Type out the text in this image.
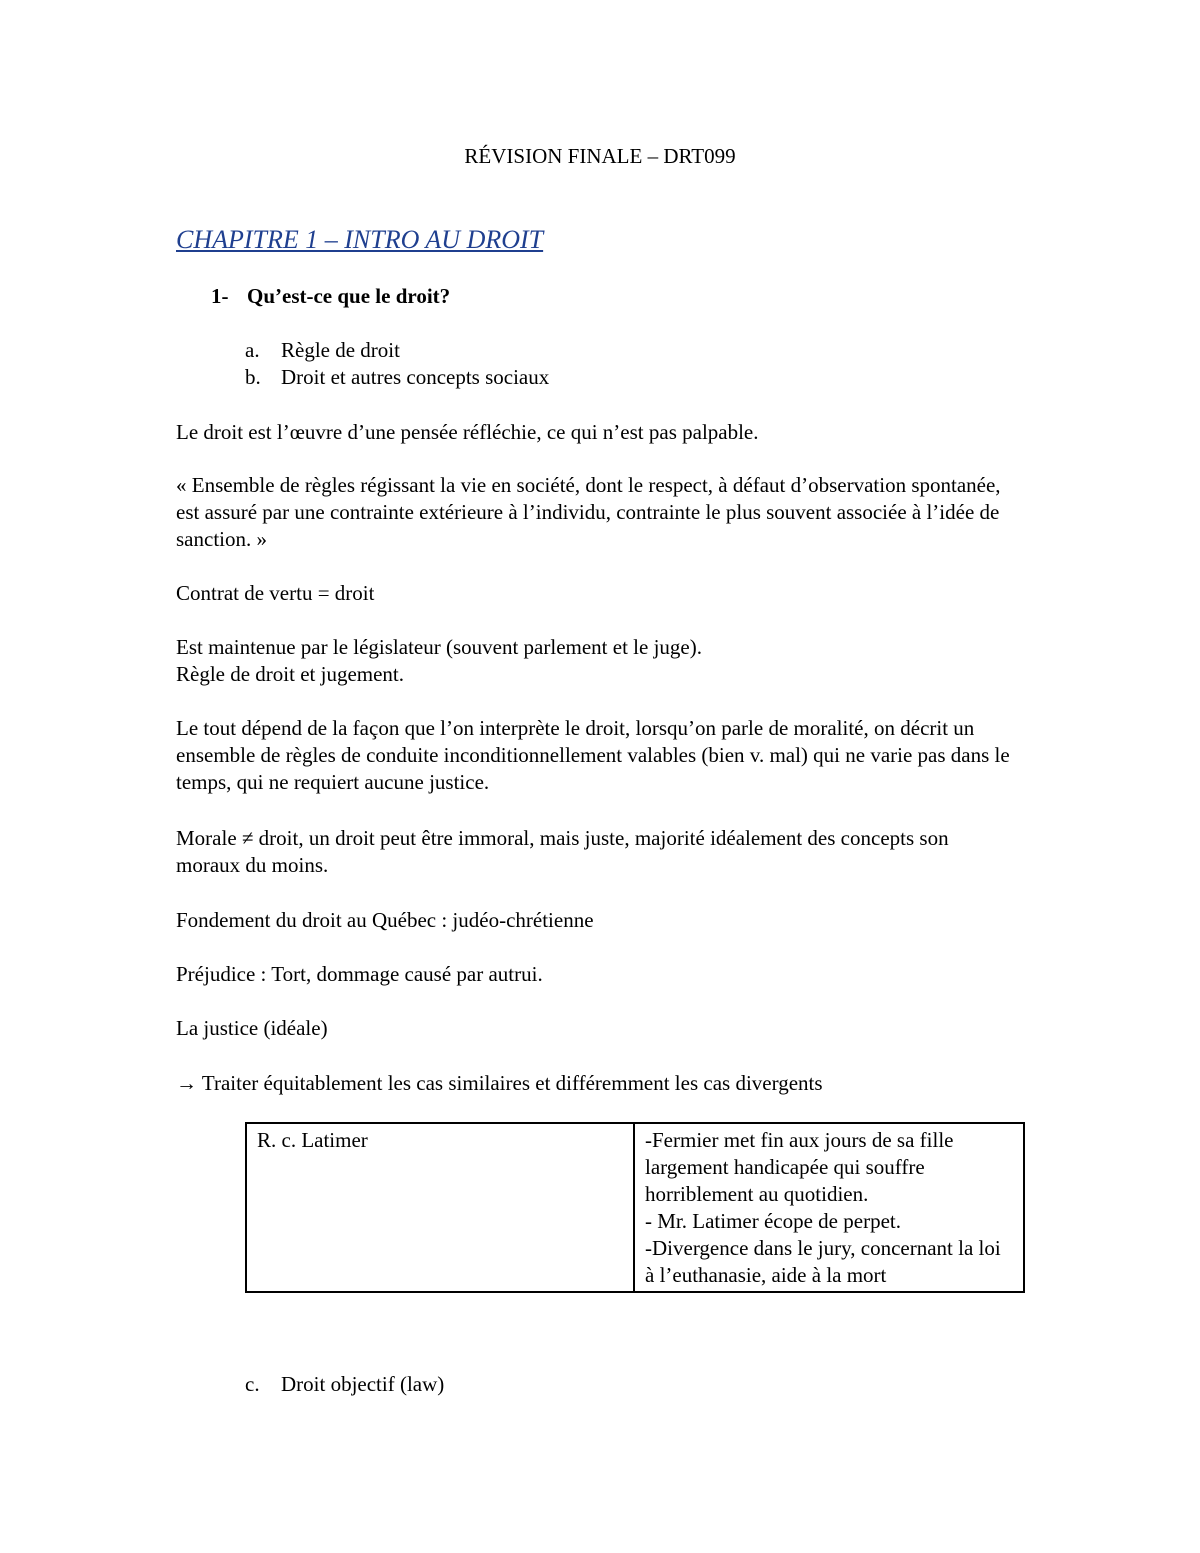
RÉVISION FINALE – DRT099
CHAPITRE 1 – INTRO AU DROIT
1- Qu’est-ce que le droit?
a. Règle de droit
b. Droit et autres concepts sociaux
Le droit est l’œuvre d’une pensée réfléchie, ce qui n’est pas palpable.
« Ensemble de règles régissant la vie en société, dont le respect, à défaut d’observation spontanée, est assuré par une contrainte extérieure à l’individu, contrainte le plus souvent associée à l’idée de sanction. »
Contrat de vertu = droit
Est maintenue par le législateur (souvent parlement et le juge).
Règle de droit et jugement.
Le tout dépend de la façon que l’on interprète le droit, lorsqu’on parle de moralité, on décrit un ensemble de règles de conduite inconditionnellement valables (bien v. mal) qui ne varie pas dans le temps, qui ne requiert aucune justice.
Morale ≠ droit, un droit peut être immoral, mais juste, majorité idéalement des concepts son moraux du moins.
Fondement du droit au Québec : judéo-chrétienne
Préjudice : Tort, dommage causé par autrui.
La justice (idéale)
→ Traiter équitablement les cas similaires et différemment les cas divergents
R. c. Latimer	-Fermier met fin aux jours de sa fille largement handicapée qui souffre horriblement au quotidien.
- Mr. Latimer écope de perpet.
-Divergence dans le jury, concernant la loi à l’euthanasie, aide à la mort
c. Droit objectif (law)
